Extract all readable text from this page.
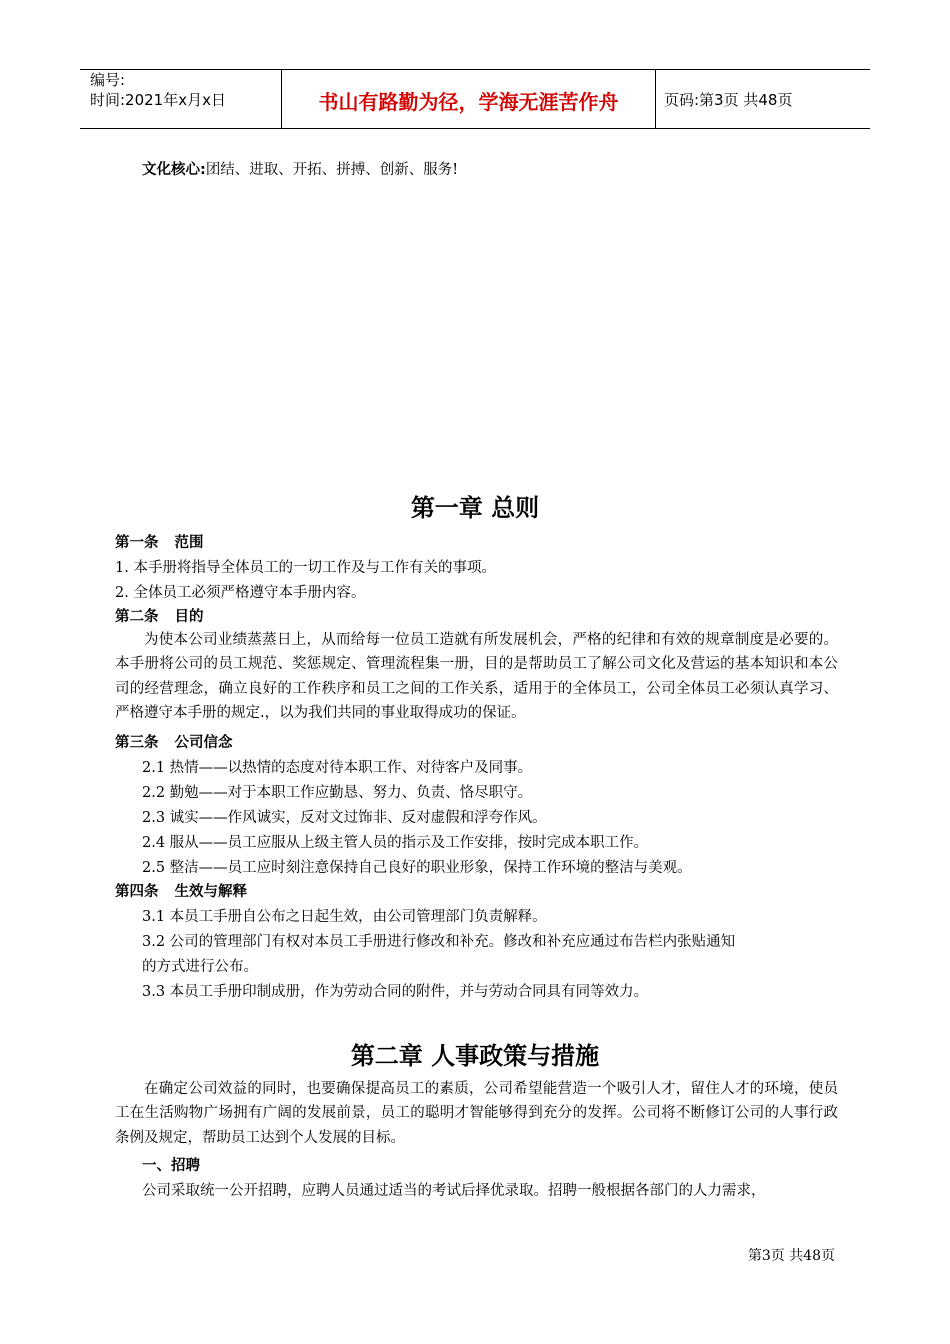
编号:
时间:2021年x月x日	书山有路勤为径，学海无涯苦作舟	页码:第3页 共48页
文化核心:团结、进取、开拓、拼搏、创新、服务!
第一章 总则
第一条 范围
1. 本手册将指导全体员工的一切工作及与工作有关的事项。
2. 全体员工必须严格遵守本手册内容。
第二条 目的
为使本公司业绩蒸蒸日上，从而给每一位员工造就有所发展机会，严格的纪律和有效的规章制度是必要的。本手册将公司的员工规范、奖惩规定、管理流程集一册，目的是帮助员工了解公司文化及营运的基本知识和本公司的经营理念，确立良好的工作秩序和员工之间的工作关系，适用于的全体员工，公司全体员工必须认真学习、严格遵守本手册的规定.，以为我们共同的事业取得成功的保证。
第三条 公司信念
2.1 热情——以热情的态度对待本职工作、对待客户及同事。
2.2 勤勉——对于本职工作应勤恳、努力、负责、恪尽职守。
2.3 诚实——作风诚实，反对文过饰非、反对虚假和浮夸作风。
2.4 服从——员工应服从上级主管人员的指示及工作安排，按时完成本职工作。
2.5 整洁——员工应时刻注意保持自己良好的职业形象，保持工作环境的整洁与美观。
第四条 生效与解释
3.1 本员工手册自公布之日起生效，由公司管理部门负责解释。
3.2 公司的管理部门有权对本员工手册进行修改和补充。修改和补充应通过布告栏内张贴通知
的方式进行公布。
3.3 本员工手册印制成册，作为劳动合同的附件，并与劳动合同具有同等效力。
第二章 人事政策与措施
在确定公司效益的同时，也要确保提高员工的素质，公司希望能营造一个吸引人才，留住人才的环境，使员工在生活购物广场拥有广阔的发展前景，员工的聪明才智能够得到充分的发挥。公司将不断修订公司的人事行政条例及规定，帮助员工达到个人发展的目标。
一、招聘
公司采取统一公开招聘，应聘人员通过适当的考试后择优录取。招聘一般根据各部门的人力需求，
第3页 共48页
